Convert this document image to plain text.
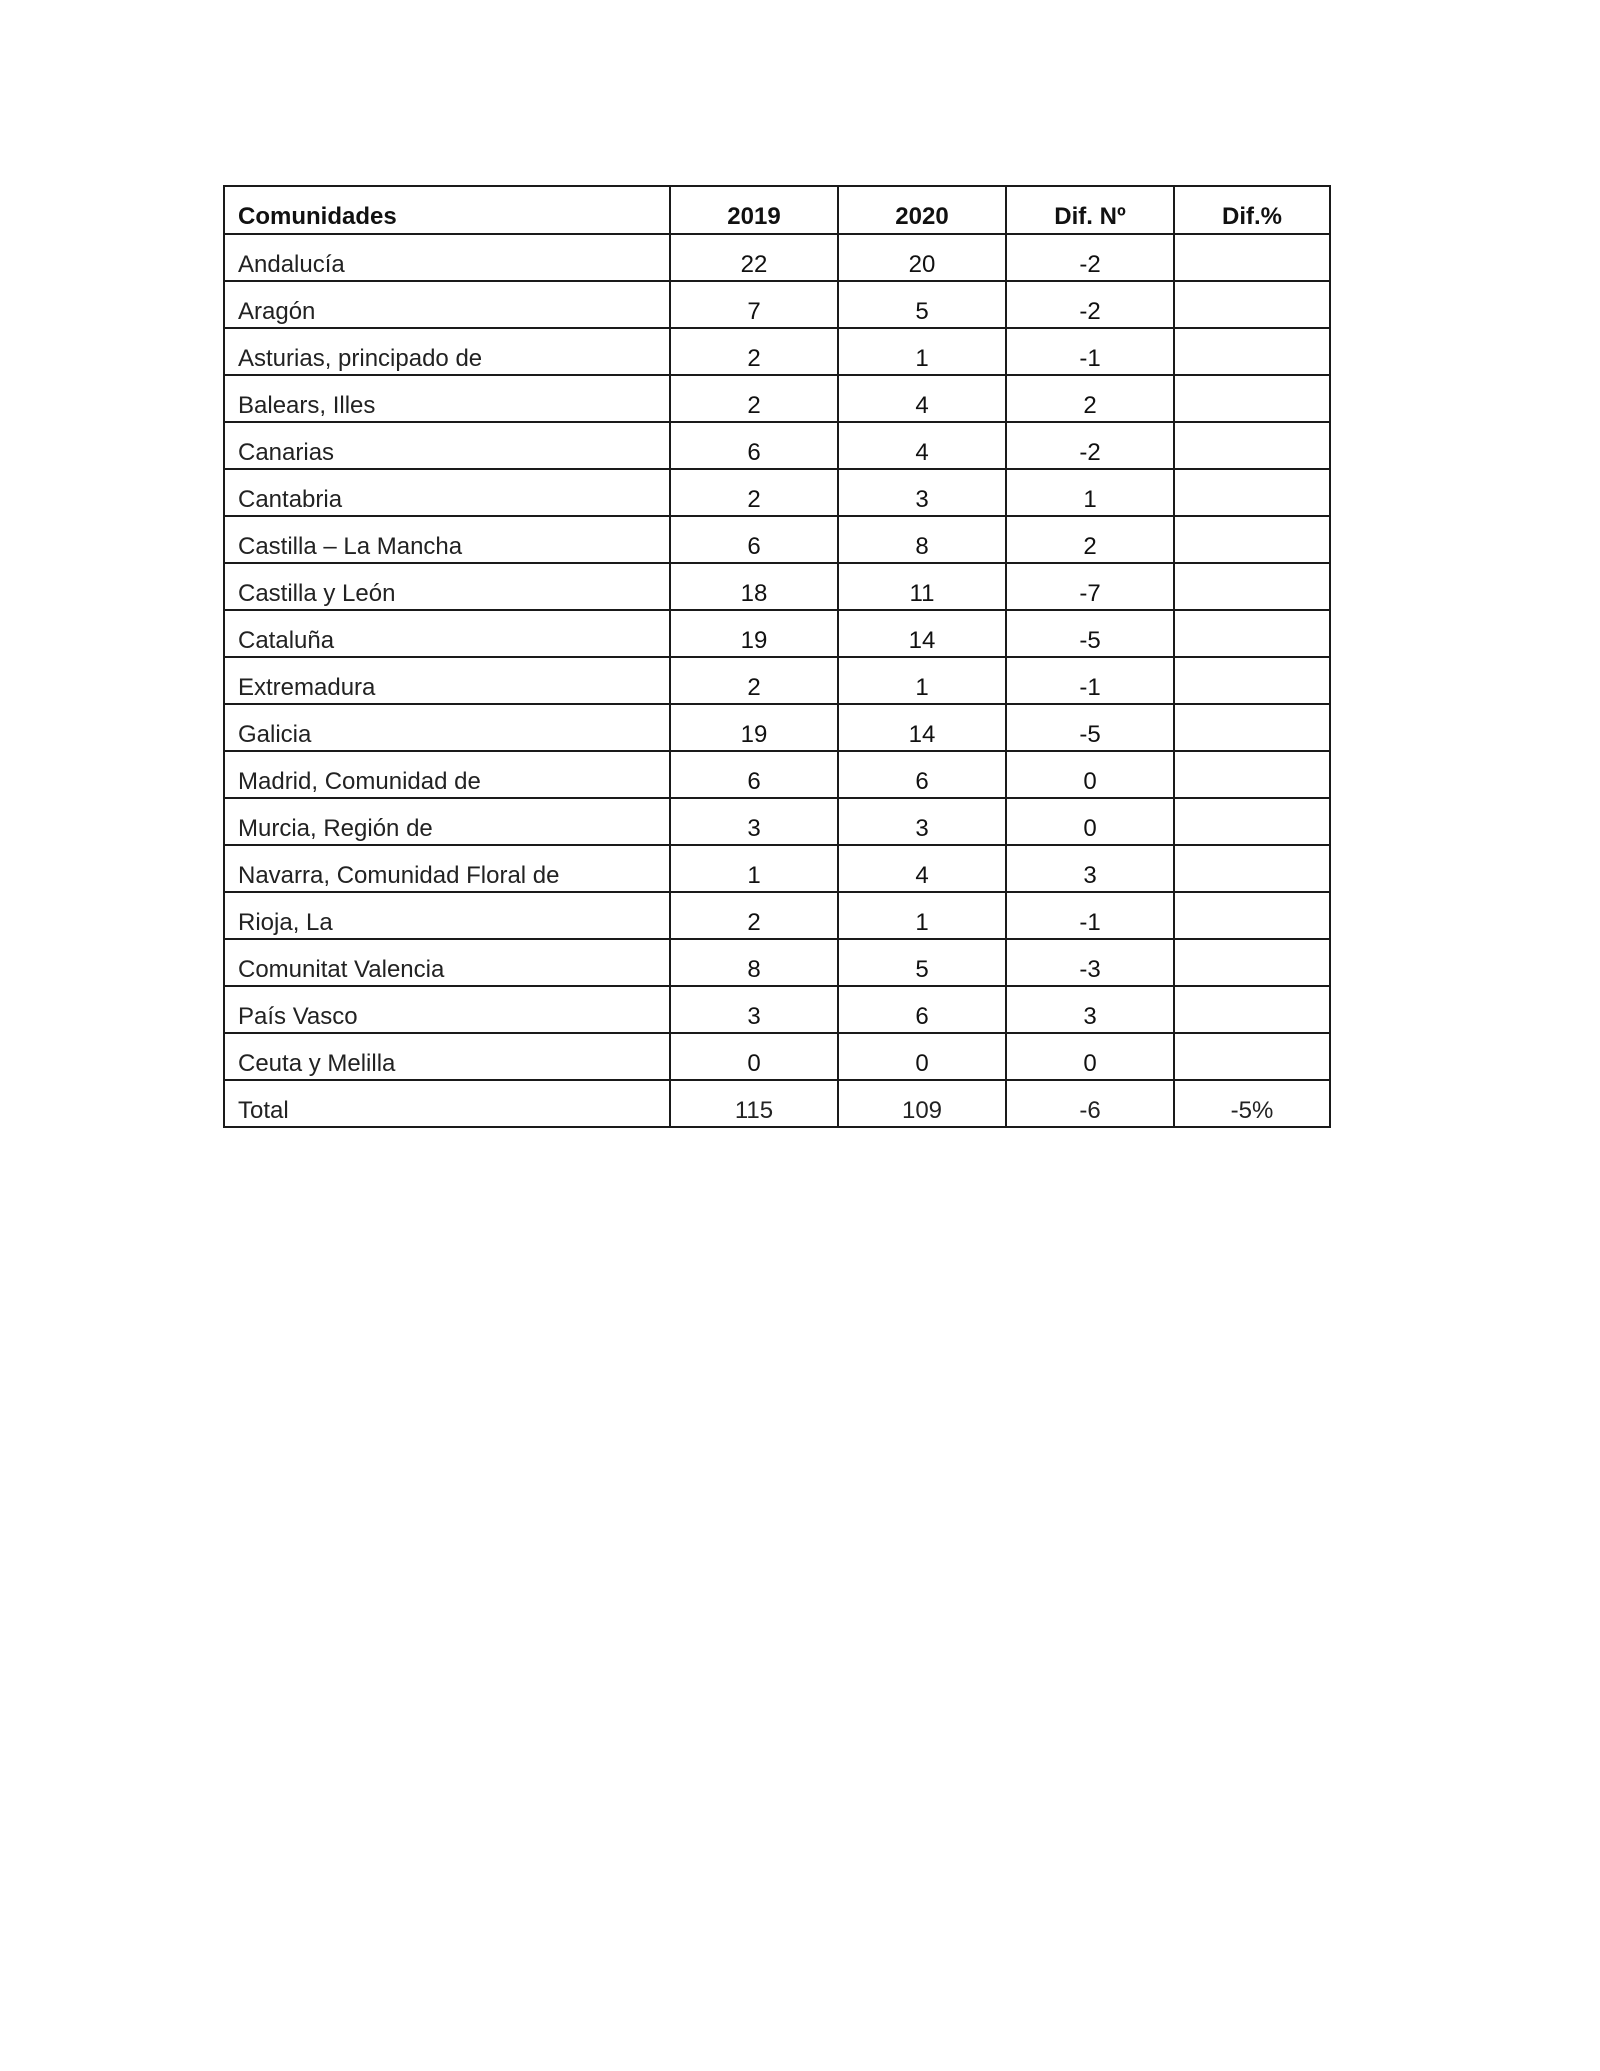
Comunidades	2019	2020	Dif. Nº	Dif.%
Andalucía	22	20	-2	
Aragón	7	5	-2	
Asturias, principado de	2	1	-1	
Balears, Illes	2	4	2	
Canarias	6	4	-2	
Cantabria	2	3	1	
Castilla – La Mancha	6	8	2	
Castilla y León	18	11	-7	
Cataluña	19	14	-5	
Extremadura	2	1	-1	
Galicia	19	14	-5	
Madrid, Comunidad de	6	6	0	
Murcia, Región de	3	3	0	
Navarra, Comunidad Floral de	1	4	3	
Rioja, La	2	1	-1	
Comunitat Valencia	8	5	-3	
País Vasco	3	6	3	
Ceuta y Melilla	0	0	0	
Total	115	109	-6	-5%
